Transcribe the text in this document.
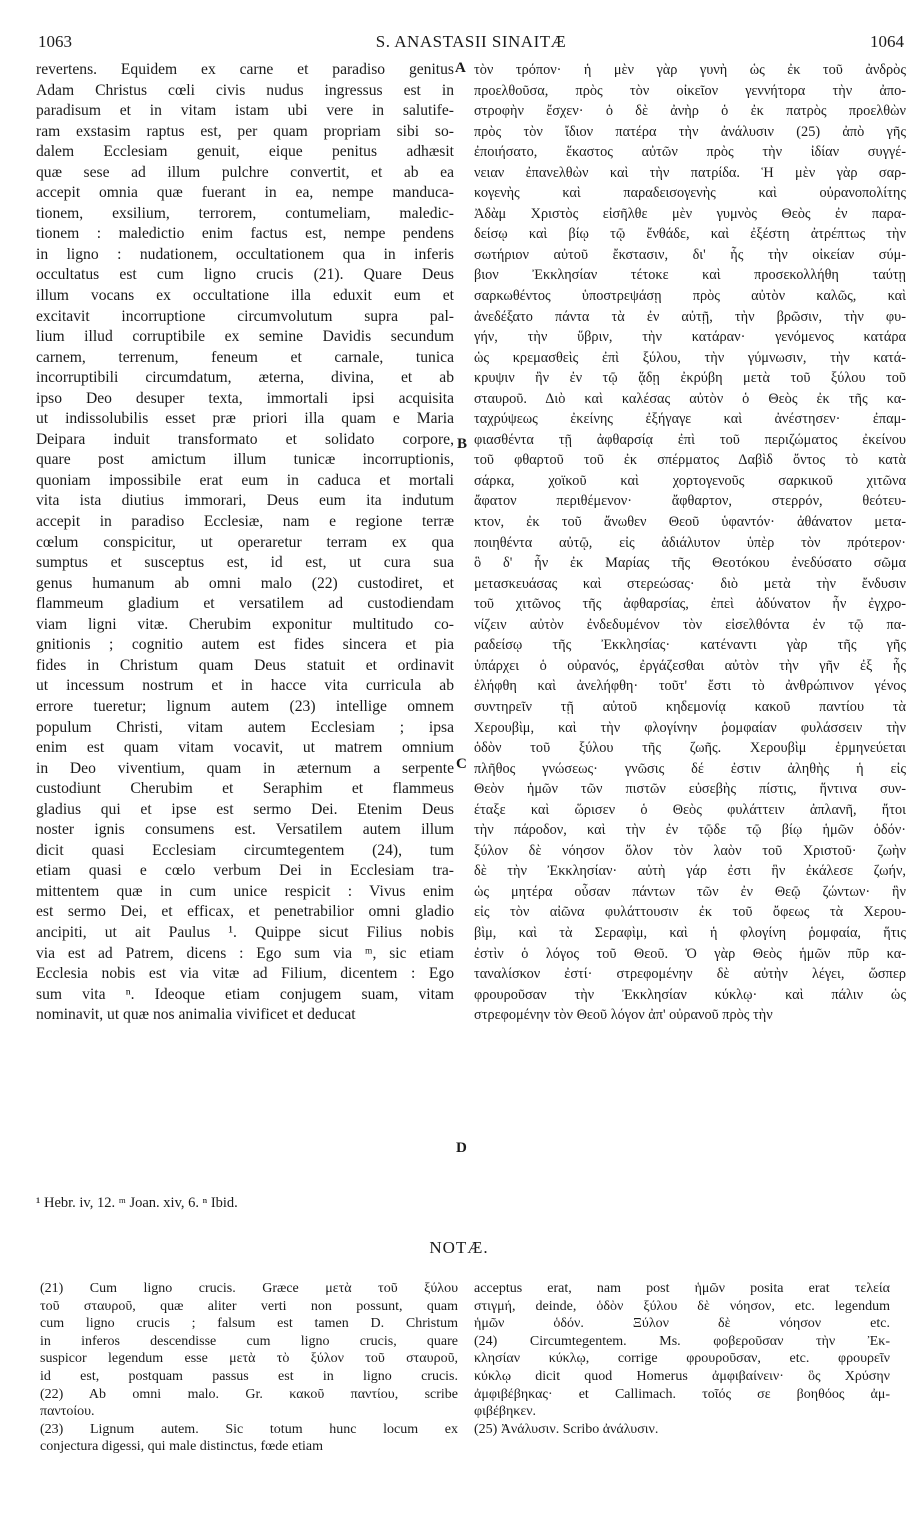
1063	S. ANASTASII SINAITÆ	1064
revertens. Equidem ex carne et paradiso genitus
Adam Christus cœli civis nudus ingressus est in
paradisum et in vitam istam ubi vere in salutife-
ram exstasim raptus est, per quam propriam sibi so-
dalem Ecclesiam genuit, eique penitus adhæsit
quæ sese ad illum pulchre convertit, et ab ea
accepit omnia quæ fuerant in ea, nempe manduca-
tionem, exsilium, terrorem, contumeliam, maledic-
tionem : maledictio enim factus est, nempe pendens
in ligno : nudationem, occultationem qua in inferis
occultatus est cum ligno crucis (21). Quare Deus
illum vocans ex occultatione illa eduxit eum et
excitavit incorruptione circumvolutum supra pal-
lium illud corruptibile ex semine Davidis secundum
carnem, terrenum, feneum et carnale, tunica
incorruptibili circumdatum, æterna, divina, et ab
ipso Deo desuper texta, immortali ipsi acquisita
ut indissolubilis esset præ priori illa quam e Maria
Deipara induit transformato et solidato corpore,
quare post amictum illum tunicæ incorruptionis,
quoniam impossibile erat eum in caduca et mortali
vita ista diutius immorari, Deus eum ita indutum
accepit in paradiso Ecclesiæ, nam e regione terræ
cœlum conspicitur, ut operaretur terram ex qua
sumptus et susceptus est, id est, ut cura sua
genus humanum ab omni malo (22) custodiret, et
flammeum gladium et versatilem ad custodiendam
viam ligni vitæ. Cherubim exponitur multitudo co-
gnitionis ; cognitio autem est fides sincera et pia
fides in Christum quam Deus statuit et ordinavit
ut incessum nostrum et in hacce vita curricula ab
errore tueretur; lignum autem (23) intellige omnem
populum Christi, vitam autem Ecclesiam ; ipsa
enim est quam vitam vocavit, ut matrem omnium
in Deo viventium, quam in æternum a serpente
custodiunt Cherubim et Seraphim et flammeus
gladius qui et ipse est sermo Dei. Etenim Deus
noster ignis consumens est. Versatilem autem illum
dicit quasi Ecclesiam circumtegentem (24), tum
etiam quasi e cœlo verbum Dei in Ecclesiam tra-
mittentem quæ in cum unice respicit : Vivus enim
est sermo Dei, et efficax, et penetrabilior omni gladio
ancipiti, ut ait Paulus ¹. Quippe sicut Filius nobis
via est ad Patrem, dicens : Ego sum via ᵐ, sic etiam
Ecclesia nobis est via vitæ ad Filium, dicentem : Ego
sum vita ⁿ. Ideoque etiam conjugem suam, vitam
nominavit, ut quæ nos animalia vivificet et deducat
τὸν τρόπον· ἡ μὲν γὰρ γυνὴ ὡς ἐκ τοῦ ἀνδρὸς
προελθοῦσα, πρὸς τὸν οἰκεῖον γεννήτορα τὴν ἀπο-
στροφὴν ἔσχεν· ὁ δὲ ἀνὴρ ὁ ἐκ πατρὸς προελθὼν
πρὸς τὸν ἴδιον πατέρα τὴν ἀνάλυσιν (25) ἀπὸ γῆς
ἐποιήσατο, ἕκαστος αὐτῶν πρὸς τὴν ἰδίαν συγγέ-
νειαν ἐπανελθὼν καὶ τὴν πατρίδα. Ἡ μὲν γὰρ σαρ-
κογενὴς καὶ παραδεισογενὴς καὶ οὐρανοπολίτης
Ἀδὰμ Χριστὸς εἰσῆλθε μὲν γυμνὸς Θεὸς ἐν παρα-
δείσῳ καὶ βίῳ τῷ ἔνθάδε, καὶ ἐξέστη ἀτρέπτως τὴν
σωτήριον αὐτοῦ ἔκστασιν, δι' ἧς τὴν οἰκείαν σύμ-
βιον Ἐκκλησίαν τέτοκε καὶ προσεκολλήθη ταύτῃ
σαρκωθέντος ὑποστρεψάσῃ πρὸς αὐτὸν καλῶς, καὶ
ἀνεδέξατο πάντα τὰ ἐν αὐτῇ, τὴν βρῶσιν, τὴν φυ-
γήν, τὴν ὕβριν, τὴν κατάραν· γενόμενος κατάρα
ὡς κρεμασθεὶς ἐπὶ ξύλου, τὴν γύμνωσιν, τὴν κατά-
κρυψιν ἣν ἐν τῷ ᾅδῃ ἐκρύβη μετὰ τοῦ ξύλου τοῦ
σταυροῦ. Διὸ καὶ καλέσας αὐτὸν ὁ Θεὸς ἐκ τῆς κα-
ταχρύψεως ἐκείνης ἐξήγαγε καὶ ἀνέστησεν· ἐπαμ-
φιασθέντα τῇ ἀφθαρσίᾳ ἐπὶ τοῦ περιζώματος ἐκείνου
τοῦ φθαρτοῦ τοῦ ἐκ σπέρματος Δαβὶδ ὄντος τὸ κατὰ
σάρκα, χοϊκοῦ καὶ χορτογενοῦς σαρκικοῦ χιτῶνα
ἄφατον περιθέμενον· ἄφθαρτον, στερρόν, θεότευ-
κτον, ἐκ τοῦ ἄνωθεν Θεοῦ ὑφαντόν· ἀθάνατον μετα-
ποιηθέντα αὐτῷ, εἰς ἀδιάλυτον ὑπὲρ τὸν πρότερον·
ὃ δ' ἦν ἐκ Μαρίας τῆς Θεοτόκου ἐνεδύσατο σῶμα
μετασκευάσας καὶ στερεώσας· διὸ μετὰ τὴν ἔνδυσιν
τοῦ χιτῶνος τῆς ἀφθαρσίας, ἐπεὶ ἀδύνατον ἦν ἐγχρο-
νίζειν αὐτὸν ἐνδεδυμένον τὸν εἰσελθόντα ἐν τῷ πα-
ραδείσῳ τῆς Ἐκκλησίας· κατέναντι γὰρ τῆς γῆς
ὑπάρχει ὁ οὐρανός, ἐργάζεσθαι αὐτὸν τὴν γῆν ἐξ ἧς
ἐλήφθη καὶ ἀνελήφθη· τοῦτ' ἔστι τὸ ἀνθρώπινον γένος
συντηρεῖν τῇ αὐτοῦ κηδεμονίᾳ κακοῦ παντίου τὰ
Χερουβὶμ, καὶ τὴν φλογίνην ῥομφαίαν φυλάσσειν τὴν
ὁδὸν τοῦ ξύλου τῆς ζωῆς. Χερουβὶμ ἑρμηνεύεται
πλῆθος γνώσεως· γνῶσις δέ ἐστιν ἀληθὴς ἡ εἰς
Θεὸν ἡμῶν τῶν πιστῶν εὐσεβὴς πίστις, ἥντινα συν-
έταξε καὶ ὥρισεν ὁ Θεὸς φυλάττειν ἀπλανῆ, ἤτοι
τὴν πάροδον, καὶ τὴν ἐν τῷδε τῷ βίῳ ἡμῶν ὁδόν·
ξύλον δὲ νόησον ὅλον τὸν λαὸν τοῦ Χριστοῦ· ζωὴν
δὲ τὴν Ἐκκλησίαν· αὐτὴ γάρ ἐστι ἣν ἐκάλεσε ζωήν,
ὡς μητέρα οὖσαν πάντων τῶν ἐν Θεῷ ζώντων· ἣν
εἰς τὸν αἰῶνα φυλάττουσιν ἐκ τοῦ ὄφεως τὰ Χερου-
βὶμ, καὶ τὰ Σεραφὶμ, καὶ ἡ φλογίνη ῥομφαία, ἥτις
ἐστὶν ὁ λόγος τοῦ Θεοῦ. Ὁ γὰρ Θεὸς ἡμῶν πῦρ κα-
ταναλίσκον ἐστί· στρεφομένην δὲ αὐτὴν λέγει, ὥσπερ
φρουροῦσαν τὴν Ἐκκλησίαν κύκλῳ· καὶ πάλιν ὡς
στρεφομένην τὸν Θεοῦ λόγον ἀπ' οὐρανοῦ πρὸς τὴν
A
B
C
D
¹ Hebr. iv, 12. ᵐ Joan. xiv, 6. ⁿ Ibid.
NOTÆ.
(21) Cum ligno crucis. Græce μετὰ τοῦ ξύλου
τοῦ σταυροῦ, quæ aliter verti non possunt, quam
cum ligno crucis ; falsum est tamen D. Christum
in inferos descendisse cum ligno crucis, quare
suspicor legendum esse μετὰ τὸ ξύλον τοῦ σταυροῦ,
id est, postquam passus est in ligno crucis.
(22) Ab omni malo. Gr. κακοῦ παντίου, scribe
παντοίου.
(23) Lignum autem. Sic totum hunc locum ex
conjectura digessi, qui male distinctus, fœde etiam
acceptus erat, nam post ἡμῶν posita erat τελεία
στιγμή, deinde, ὁδὸν ξύλου δὲ νόησον, etc. legendum
ἡμῶν ὁδόν. Ξύλον δὲ νόησον etc.
(24) Circumtegentem. Ms. φοβεροῦσαν τὴν Ἐκ-
κλησίαν κύκλῳ, corrige φρουροῦσαν, etc. φρουρεῖν
κύκλῳ dicit quod Homerus ἀμφιβαίνειν· ὃς Χρύσην
ἀμφιβέβηκας· et Callimach. τοῖός σε βοηθόος ἀμ-
φιβέβηκεν.
(25) Ἀνάλυσιν. Scribo ἀνάλυσιν.
